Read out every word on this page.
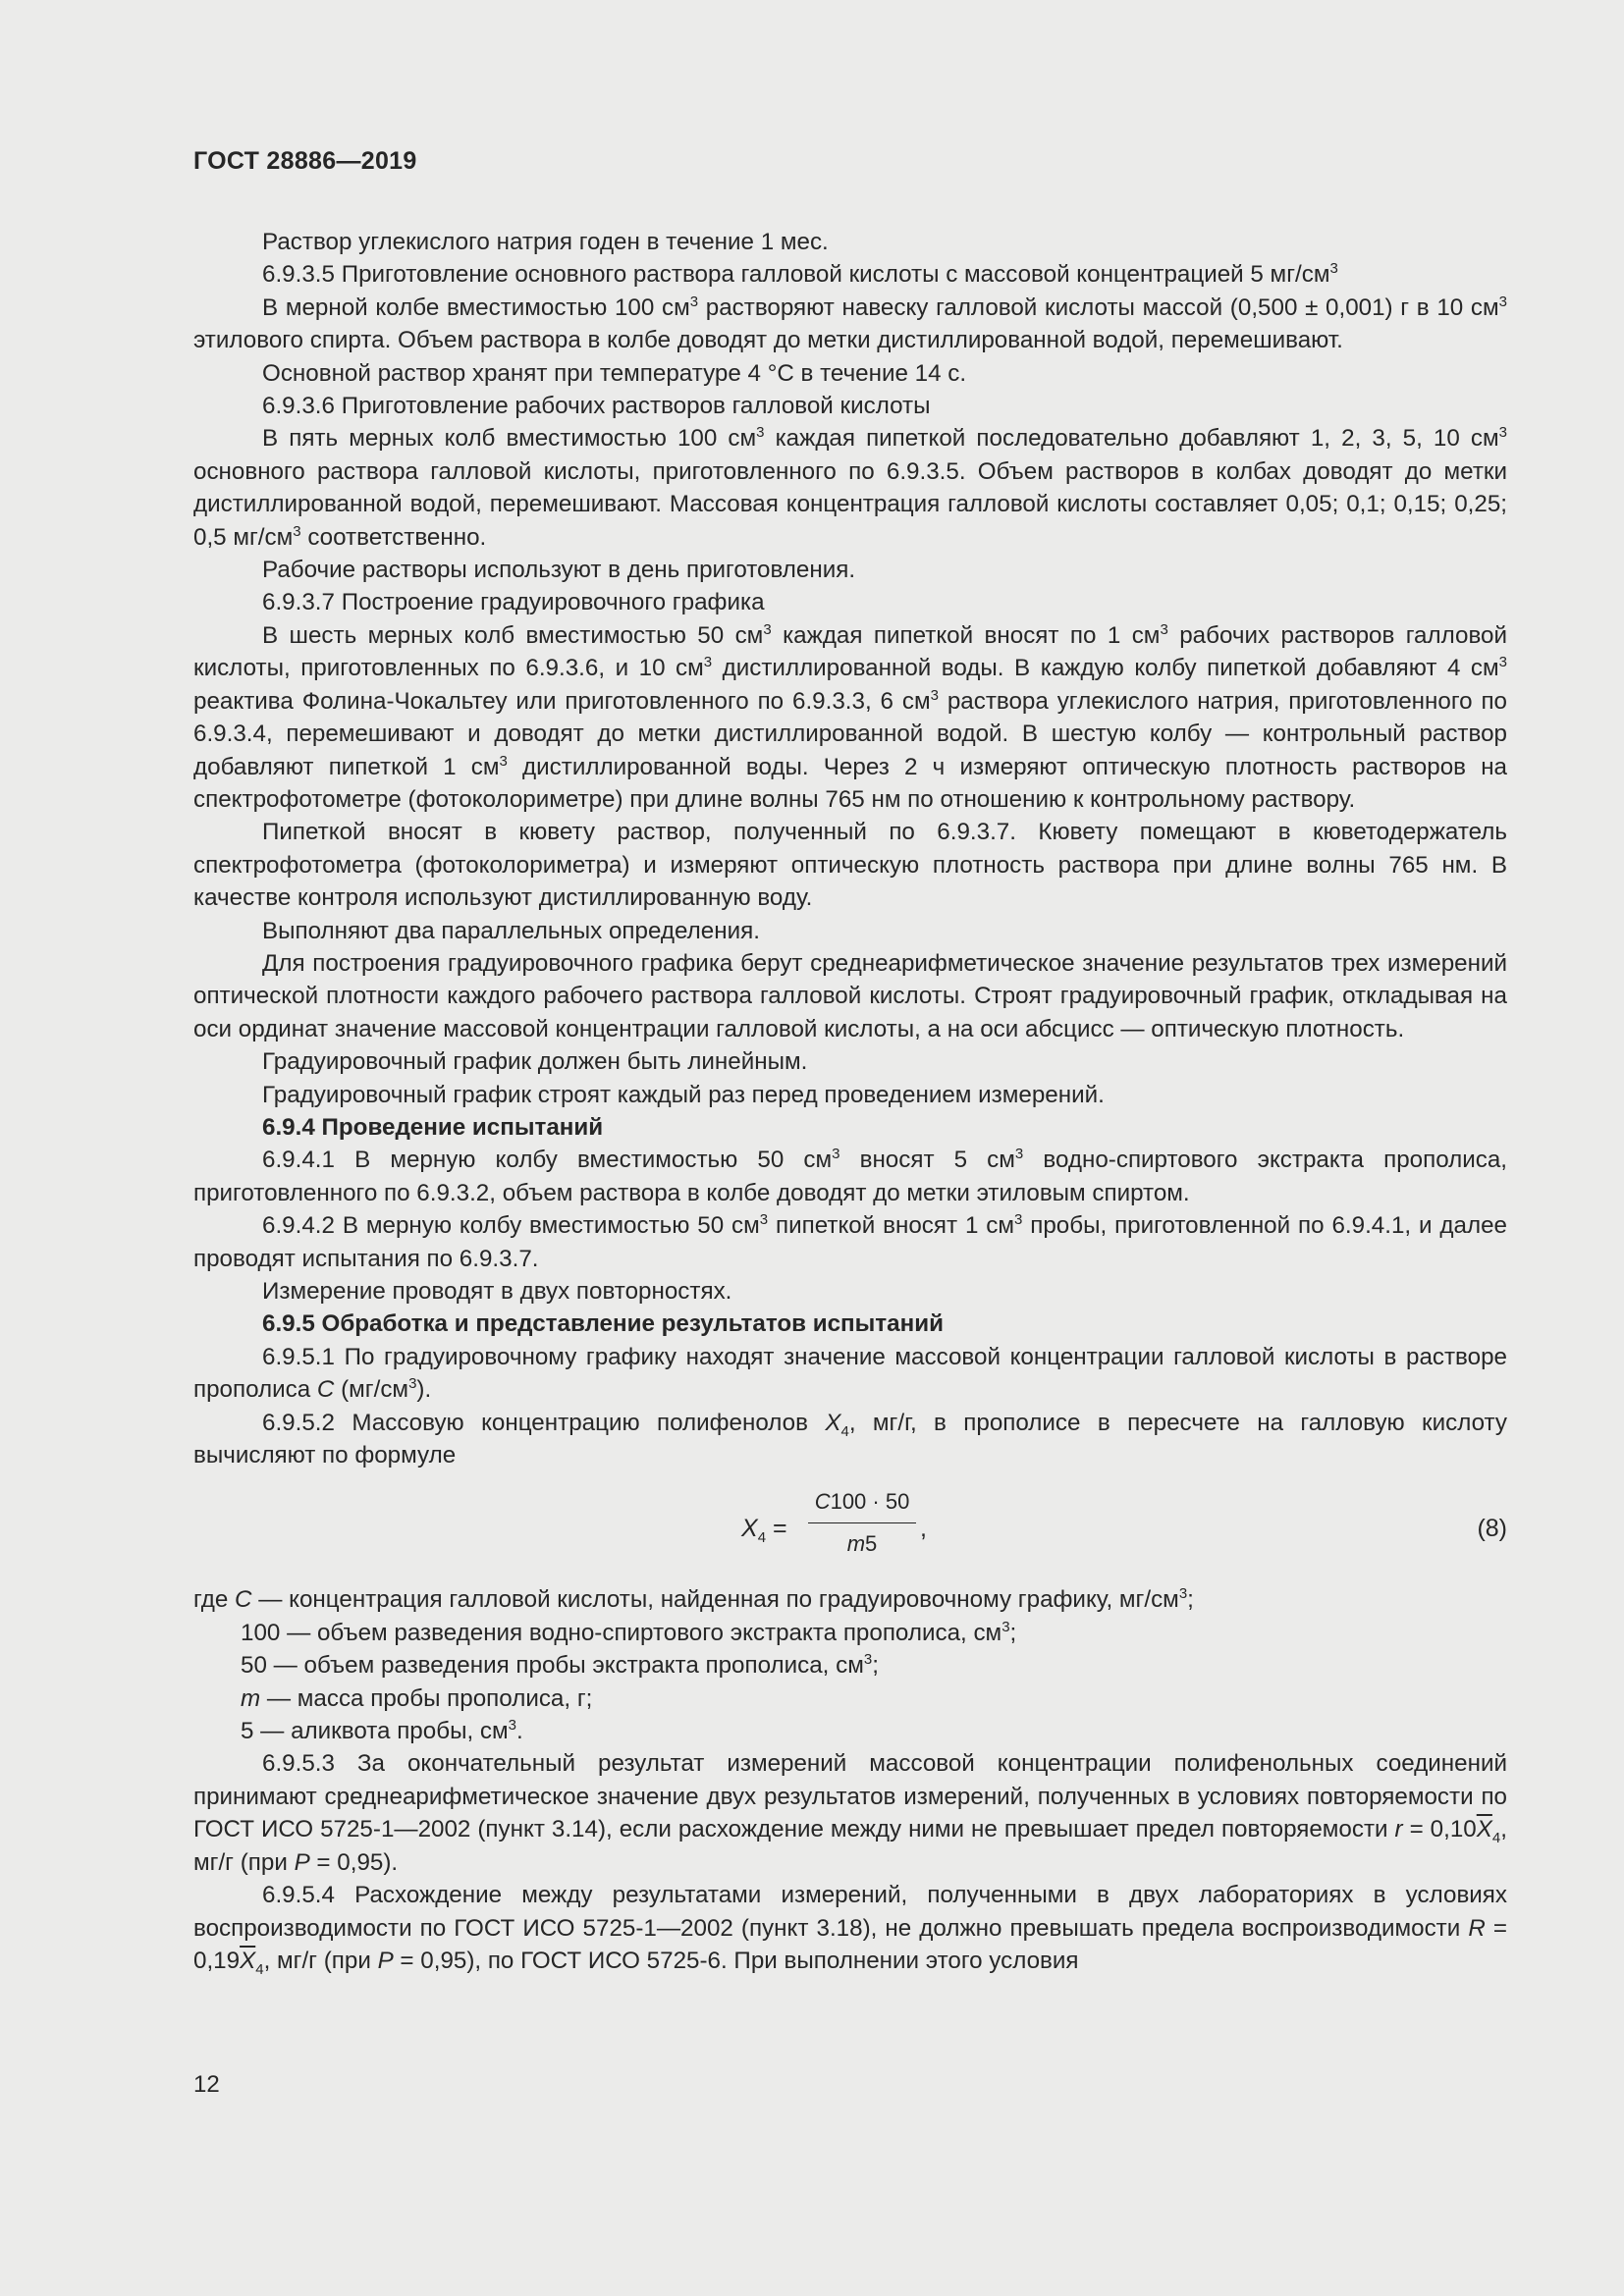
ГОСТ 28886—2019

Раствор углекислого натрия годен в течение 1 мес.

6.9.3.5 Приготовление основного раствора галловой кислоты с массовой концентрацией 5 $мг/см^3$

В мерной колбе вместимостью 100 $см^3$ растворяют навеску галловой кислоты массой (0,500 ± 0,001) г в 10 $см^3$ этилового спирта. Объем раствора в колбе доводят до метки дистиллированной водой, перемешивают.

Основной раствор хранят при температуре 4 °С в течение 14 с.

6.9.3.6 Приготовление рабочих растворов галловой кислоты

В пять мерных колб вместимостью 100 $см^3$ каждая пипеткой последовательно добавляют 1, 2, 3, 5, 10 $см^3$ основного раствора галловой кислоты, приготовленного по 6.9.3.5. Объем растворов в колбах доводят до метки дистиллированной водой, перемешивают. Массовая концентрация галловой кислоты составляет 0,05; 0,1; 0,15; 0,25; 0,5 $мг/см^3$ соответственно.

Рабочие растворы используют в день приготовления.

6.9.3.7 Построение градуировочного графика

В шесть мерных колб вместимостью 50 $см^3$ каждая пипеткой вносят по 1 $см^3$ рабочих растворов галловой кислоты, приготовленных по 6.9.3.6, и 10 $см^3$ дистиллированной воды. В каждую колбу пипеткой добавляют 4 $см^3$ реактива Фолина-Чокальтеу или приготовленного по 6.9.3.3, 6 $см^3$ раствора углекислого натрия, приготовленного по 6.9.3.4, перемешивают и доводят до метки дистиллированной водой. В шестую колбу — контрольный раствор добавляют пипеткой 1 $см^3$ дистиллированной воды. Через 2 ч измеряют оптическую плотность растворов на спектрофотометре (фотоколориметре) при длине волны 765 нм по отношению к контрольному раствору.

Пипеткой вносят в кювету раствор, полученный по 6.9.3.7. Кювету помещают в кюветодержатель спектрофотометра (фотоколориметра) и измеряют оптическую плотность раствора при длине волны 765 нм. В качестве контроля используют дистиллированную воду.

Выполняют два параллельных определения.

Для построения градуировочного графика берут среднеарифметическое значение результатов трех измерений оптической плотности каждого рабочего раствора галловой кислоты. Строят градуировочный график, откладывая на оси ординат значение массовой концентрации галловой кислоты, а на оси абсцисс — оптическую плотность.

Градуировочный график должен быть линейным.

Градуировочный график строят каждый раз перед проведением измерений.

6.9.4 Проведение испытаний

6.9.4.1 В мерную колбу вместимостью 50 $см^3$ вносят 5 $см^3$ водно-спиртового экстракта прополиса, приготовленного по 6.9.3.2, объем раствора в колбе доводят до метки этиловым спиртом.

6.9.4.2 В мерную колбу вместимостью 50 $см^3$ пипеткой вносят 1 $см^3$ пробы, приготовленной по 6.9.4.1, и далее проводят испытания по 6.9.3.7.

Измерение проводят в двух повторностях.

6.9.5 Обработка и представление результатов испытаний

6.9.5.1 По градуировочному графику находят значение массовой концентрации галловой кислоты в растворе прополиса C $(мг/см^3)$.

6.9.5.2 Массовую концентрацию полифенолов $X_4$, мг/г, в прополисе в пересчете на галловую кислоту вычисляют по формуле

$X_4 = \frac{C100 \cdot 50}{m5}$ ,	(8)

где C — концентрация галловой кислоты, найденная по градуировочному графику, $мг/см^3$;

100 — объем разведения водно-спиртового экстракта прополиса, $см^3$;

50 — объем разведения пробы экстракта прополиса, $см^3$;

m — масса пробы прополиса, г;

5 — аликвота пробы, $см^3$.

6.9.5.3 За окончательный результат измерений массовой концентрации полифенольных соединений принимают среднеарифметическое значение двух результатов измерений, полученных в условиях повторяемости по ГОСТ ИСО 5725-1—2002 (пункт 3.14), если расхождение между ними не превышает предел повторяемости $r = 0,10\overline{X}_4$, мг/г (при P = 0,95).

6.9.5.4 Расхождение между результатами измерений, полученными в двух лабораториях в условиях воспроизводимости по ГОСТ ИСО 5725-1—2002 (пункт 3.18), не должно превышать предела воспроизводимости $R = 0,19\overline{X}_4$, мг/г (при P = 0,95), по ГОСТ ИСО 5725-6. При выполнении этого условия

12
